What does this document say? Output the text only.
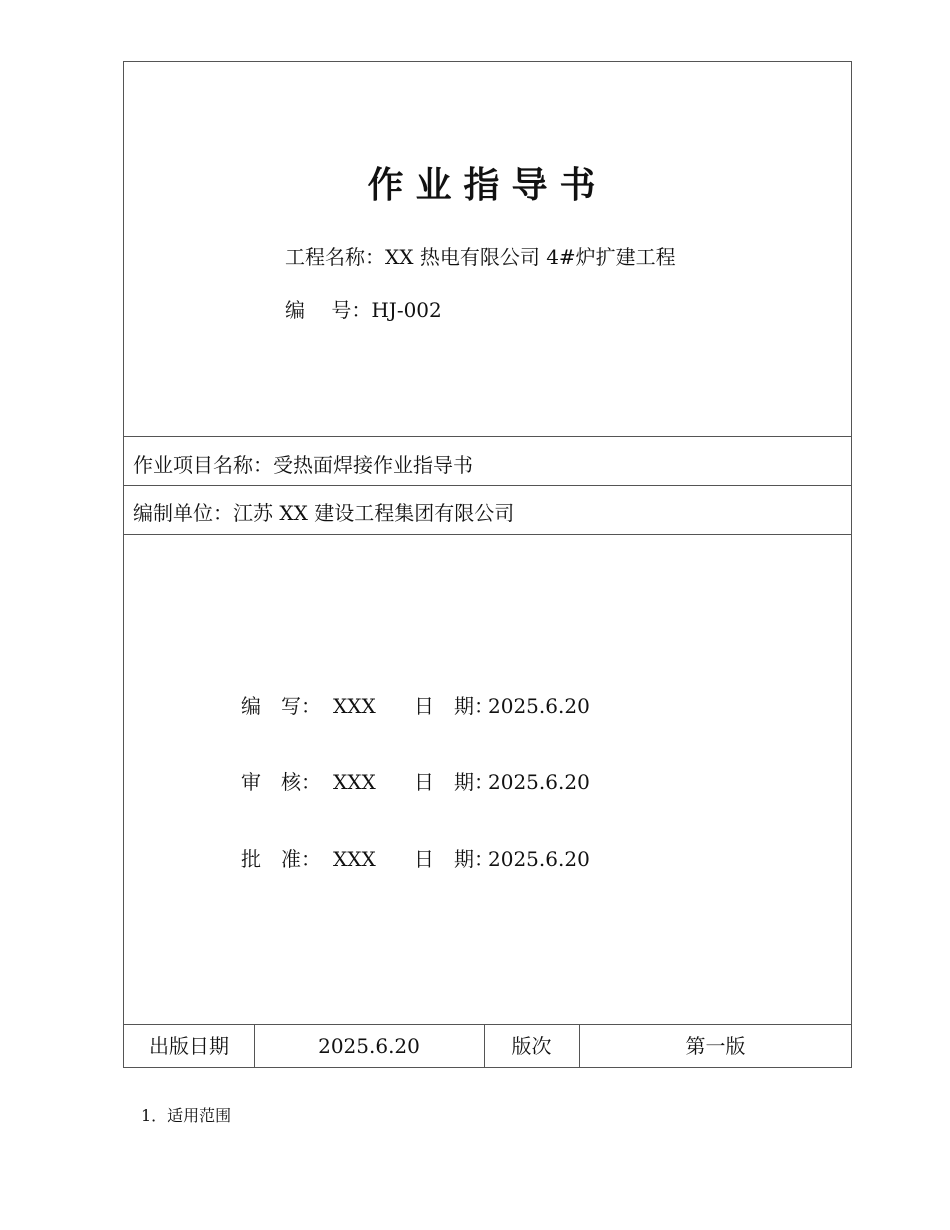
作业指导书
工程名称：XX 热电有限公司 4#炉扩建工程
编　 号：HJ-002
作业项目名称：受热面焊接作业指导书
编制单位：江苏 XX 建设工程集团有限公司
编　写： XXX 日　期：2025.6.20
审　核： XXX 日　期：2025.6.20
批　准： XXX 日　期：2025.6.20
出版日期	2025.6.20	版次	第一版
1．适用范围
